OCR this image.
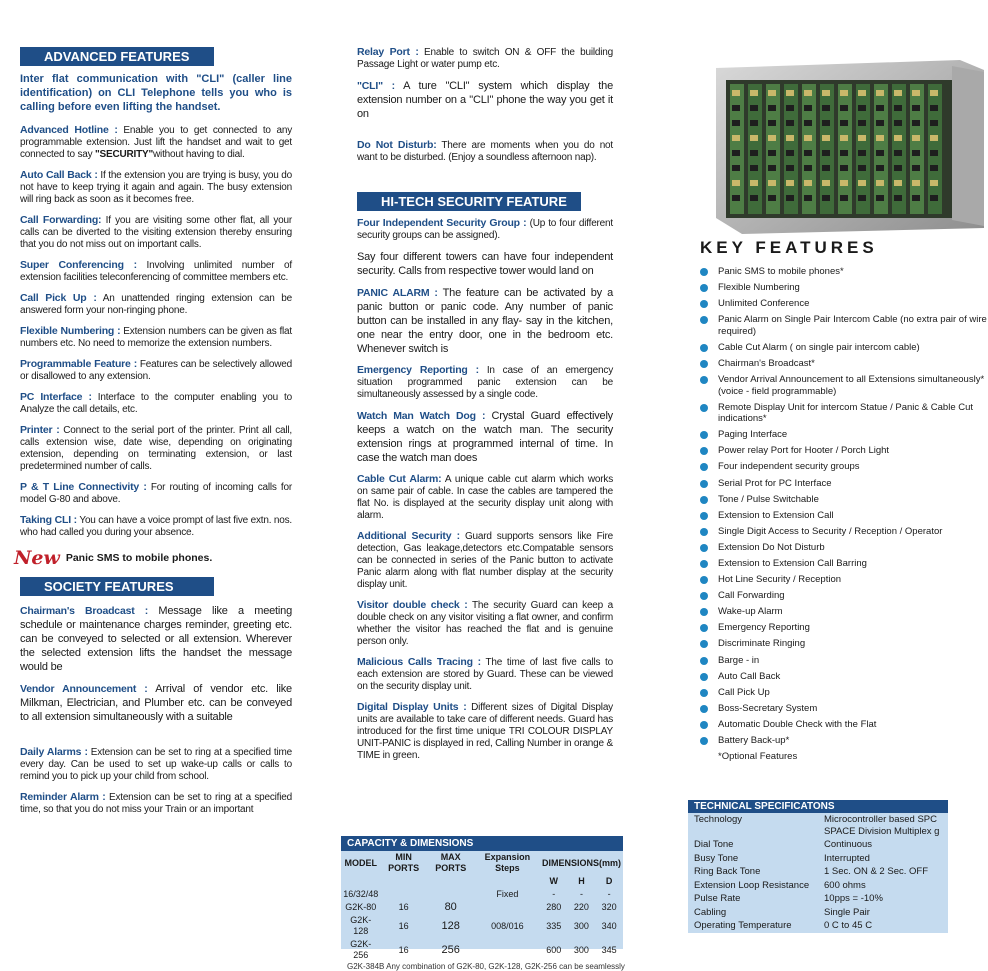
ADVANCED FEATURES
Inter flat communication with "CLI" (caller line identification) on CLI Telephone tells you who is calling before even lifting the handset.
Advanced Hotline : Enable you to get connected to any programmable extension. Just lift the handset and wait to get connected to say "SECURITY"without having to dial.
Auto Call Back : If the extension you are trying is busy, you do not have to keep trying it again and again. The busy extension will ring back as soon as it becomes free.
Call Forwarding: If you are visiting some other flat, all your calls can be diverted to the visiting extension thereby ensuring that you do not miss out on important calls.
Super Conferencing : Involving unlimited number of extension facilities teleconferencing of committee members etc.
Call Pick Up : An unattended ringing extension can be answered form your non-ringing phone.
Flexible Numbering : Extension numbers can be given as flat numbers etc. No need to memorize the extension numbers.
Programmable Feature : Features can be selectively allowed or disallowed to any extension.
PC Interface : Interface to the computer enabling you to Analyze the call details, etc.
Printer : Connect to the serial port of the printer. Print all call, calls extension wise, date wise, depending on originating extension, depending on terminating extension, or last predetermined number of calls.
P & T Line Connectivity : For routing of incoming calls for model G-80 and above.
Taking CLI : You can have a voice prompt of last five extn. nos. who had called you during your absence.
New Panic SMS to mobile phones.
SOCIETY FEATURES
Chairman's Broadcast : Message like a meeting schedule or maintenance charges reminder, greeting etc. can be conveyed to selected or all extension. Wherever the selected extension lifts the handset the message would be
Vendor Announcement : Arrival of vendor etc. like Milkman, Electrician, and Plumber etc. can be conveyed to all extension simultaneously with a suitable
Daily Alarms : Extension can be set to ring at a specified time every day. Can be used to set up wake-up calls or calls to remind you to pick up your child from school.
Reminder Alarm : Extension can be set to ring at a specified time, so that you do not miss your Train or an important
Relay Port : Enable to switch ON & OFF the building Passage Light or water pump etc.
"CLI" : A ture "CLI" system which display the extension number on a "CLI" phone the way you get it on
Do Not Disturb: There are moments when you do not want to be disturbed. (Enjoy a soundless afternoon nap).
HI-TECH SECURITY FEATURE
Four Independent Security Group : (Up to four different security groups can be assigned).
Say four different towers can have four independent security. Calls from respective tower would land on
PANIC ALARM : The feature can be activated by a panic button or panic code. Any number of panic button can be installed in any flay- say in the kitchen, one near the entry door, one in the bedroom etc. Whenever switch is
Emergency Reporting : In case of an emergency situation programmed panic extension can be simultaneously assessed by a single code.
Watch Man Watch Dog : Crystal Guard effectively keeps a watch on the watch man. The security extension rings at programmed internal of time. In case the watch man does
Cable Cut Alarm: A unique cable cut alarm which works on same pair of cable. In case the cables are tampered the flat No. is displayed at the security display unit along with alarm.
Additional Security : Guard supports sensors like Fire detection, Gas leakage,detectors etc.Compatable sensors can be connected in series of the Panic button to activate Panic alarm along with flat number display at the security display unit.
Visitor double check : The security Guard can keep a double check on any visitor visiting a flat owner, and confirm whether the visitor has reached the flat and is genuine person only.
Malicious Calls Tracing : The time of last five calls to each extension are stored by Guard. These can be viewed on the security display unit.
Digital Display Units : Different sizes of Digital Display units are available to take care of different needs. Guard has introduced for the first time unique TRI COLOUR DISPLAY UNIT-PANIC is displayed in red, Calling Number in orange & TIME in green.
CAPACITY & DIMENSIONS
MODEL	MIN PORTS	MAX PORTS	Expansion Steps	DIMENSIONS(mm)		
				W	H	D
16/32/48			Fixed	-	-	-
G2K-80	16	80		280	220	320
G2K-128	16	128	008/016	335	300	340
G2K-256	16	256		600	300	345
G2K-384B Any combination of G2K-80, G2K-128, G2K-256 can be seamlessly
KEY FEATURES
Panic SMS to mobile phones*
Flexible Numbering
Unlimited Conference
Panic Alarm on Single Pair Intercom Cable (no extra pair of wire required)
Cable Cut Alarm ( on single pair intercom cable)
Chairman's Broadcast*
Vendor Arrival Announcement to all Extensions simultaneously* (voice - field programmable)
Remote Display Unit for intercom Statue / Panic & Cable Cut indications*
Paging Interface
Power relay Port for Hooter / Porch Light
Four independent security groups
Serial Prot for PC Interface
Tone / Pulse Switchable
Extension to Extension Call
Single Digit Access to Security / Reception / Operator
Extension Do Not Disturb
Extension to Extension Call Barring
Hot Line Security / Reception
Call Forwarding
Wake-up Alarm
Emergency Reporting
Discriminate Ringing
Barge - in
Auto Call Back
Call Pick Up
Boss-Secretary System
Automatic Double Check with the Flat
Battery Back-up*
*Optional Features
TECHNICAL SPECIFICATONS
Technology	Microcontroller based SPC SPACE Division Multiplex g
Dial Tone	Continuous
Busy Tone	Interrupted
Ring Back Tone	1 Sec. ON & 2 Sec. OFF
Extension Loop Resistance	600 ohms
Pulse Rate	10pps = -10%
Cabling	Single Pair
Operating Temperature	0 C to 45 C
